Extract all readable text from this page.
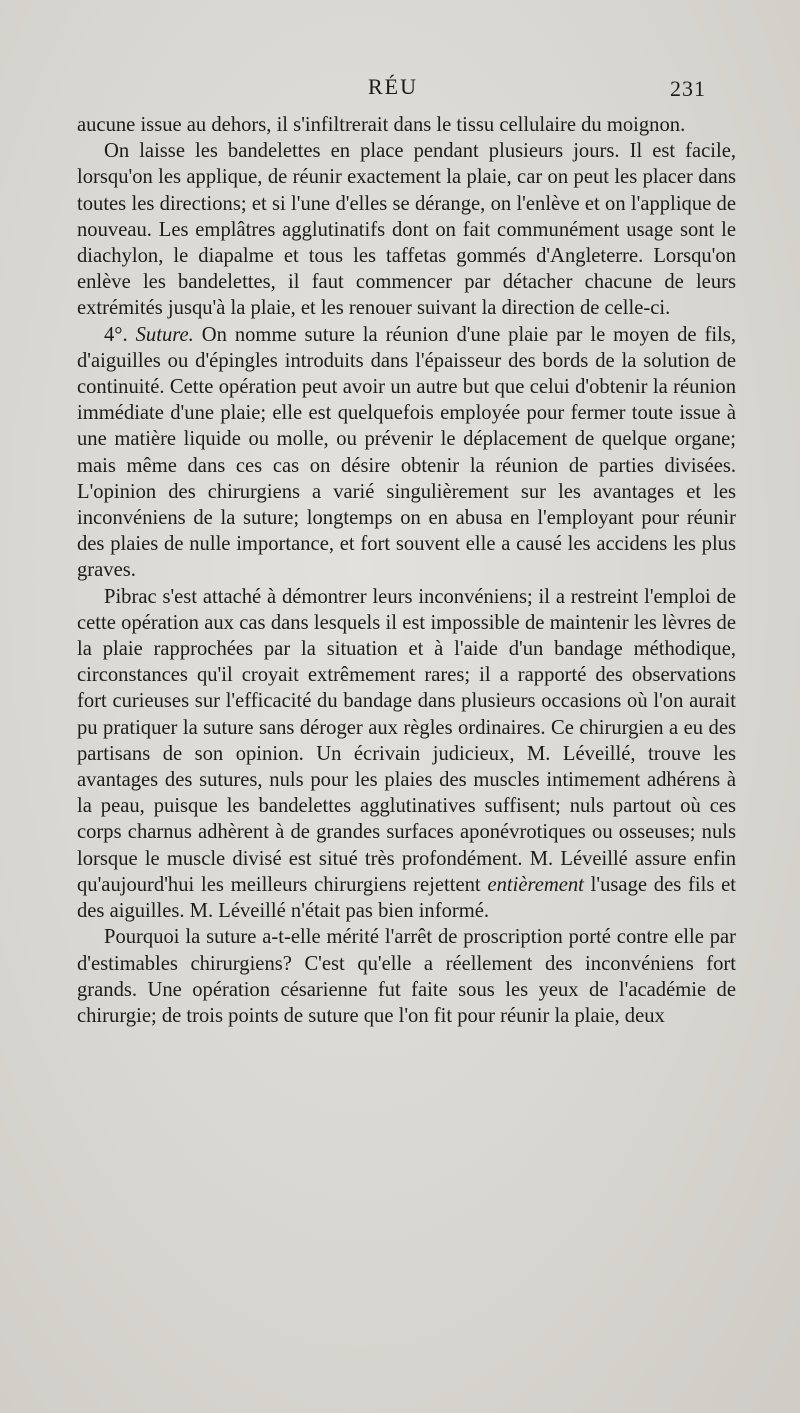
RÉU	231

aucune issue au dehors, il s'infiltrerait dans le tissu cellulaire du moignon.

On laisse les bandelettes en place pendant plusieurs jours. Il est facile, lorsqu'on les applique, de réunir exactement la plaie, car on peut les placer dans toutes les directions; et si l'une d'elles se dérange, on l'enlève et on l'applique de nouveau. Les emplâtres agglutinatifs dont on fait communément usage sont le diachylon, le diapalme et tous les taffetas gommés d'Angleterre. Lorsqu'on enlève les bandelettes, il faut commencer par détacher chacune de leurs extrémités jusqu'à la plaie, et les renouer suivant la direction de celle-ci.

4°. Suture. On nomme suture la réunion d'une plaie par le moyen de fils, d'aiguilles ou d'épingles introduits dans l'épaisseur des bords de la solution de continuité. Cette opération peut avoir un autre but que celui d'obtenir la réunion immédiate d'une plaie; elle est quelquefois employée pour fermer toute issue à une matière liquide ou molle, ou prévenir le déplacement de quelque organe; mais même dans ces cas on désire obtenir la réunion de parties divisées. L'opinion des chirurgiens a varié singulièrement sur les avantages et les inconvéniens de la suture; longtemps on en abusa en l'employant pour réunir des plaies de nulle importance, et fort souvent elle a causé les accidens les plus graves.

Pibrac s'est attaché à démontrer leurs inconvéniens; il a restreint l'emploi de cette opération aux cas dans lesquels il est impossible de maintenir les lèvres de la plaie rapprochées par la situation et à l'aide d'un bandage méthodique, circonstances qu'il croyait extrêmement rares; il a rapporté des observations fort curieuses sur l'efficacité du bandage dans plusieurs occasions où l'on aurait pu pratiquer la suture sans déroger aux règles ordinaires. Ce chirurgien a eu des partisans de son opinion. Un écrivain judicieux, M. Léveillé, trouve les avantages des sutures, nuls pour les plaies des muscles intimement adhérens à la peau, puisque les bandelettes agglutinatives suffisent; nuls partout où ces corps charnus adhèrent à de grandes surfaces aponévrotiques ou osseuses; nuls lorsque le muscle divisé est situé très profondément. M. Léveillé assure enfin qu'aujourd'hui les meilleurs chirurgiens rejettent entièrement l'usage des fils et des aiguilles. M. Léveillé n'était pas bien informé.

Pourquoi la suture a-t-elle mérité l'arrêt de proscription porté contre elle par d'estimables chirurgiens? C'est qu'elle a réellement des inconvéniens fort grands. Une opération césarienne fut faite sous les yeux de l'académie de chirurgie; de trois points de suture que l'on fit pour réunir la plaie, deux
